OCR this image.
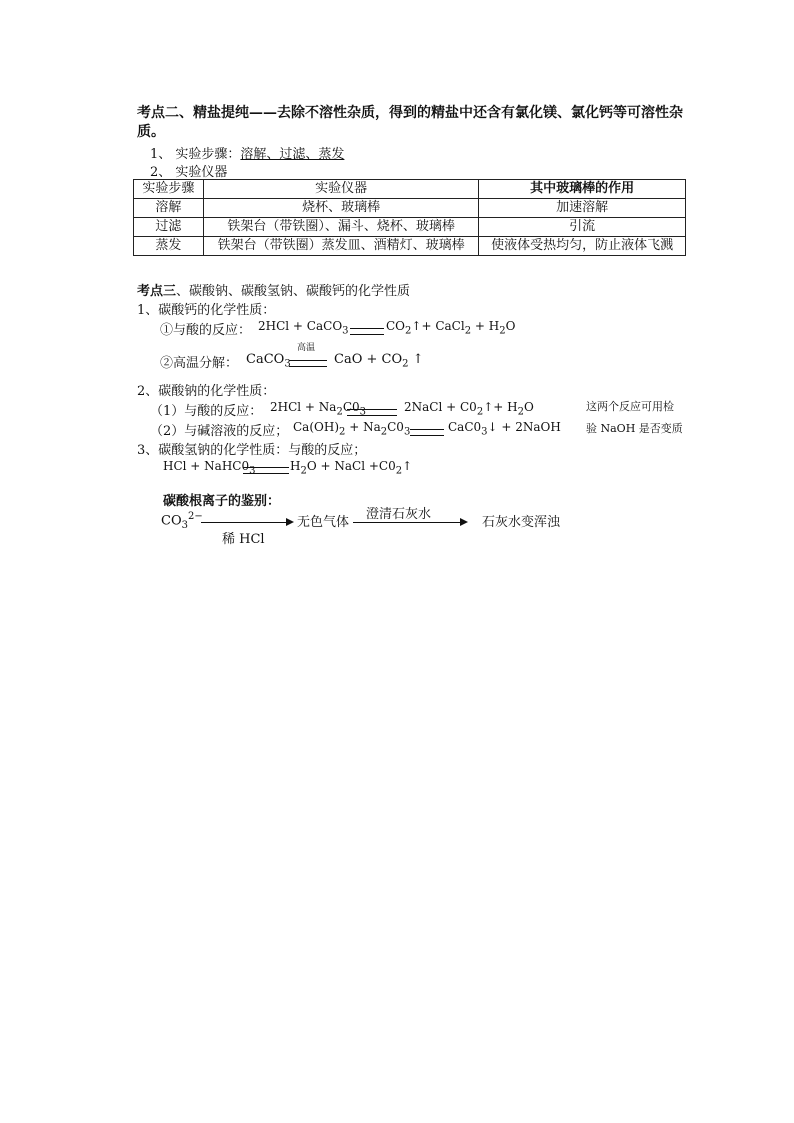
考点二、精盐提纯——去除不溶性杂质，得到的精盐中还含有氯化镁、氯化钙等可溶性杂
质。
1、 实验步骤：溶解、过滤、蒸发
2、 实验仪器
实验步骤	实验仪器	其中玻璃棒的作用
溶解	烧杯、玻璃棒	加速溶解
过滤	铁架台（带铁圈）、漏斗、烧杯、玻璃棒	引流
蒸发	铁架台（带铁圈）蒸发皿、酒精灯、玻璃棒	使液体受热均匀，防止液体飞溅
考点三、碳酸钠、碳酸氢钠、碳酸钙的化学性质
1、碳酸钙的化学性质：
①与酸的反应： 2HCl + CaCO$_3$	$CO_2↑+$ CaCl$_2$ + $H_2O$
②高温分解： CaCO$_3$
高温
CaO + $CO_2$ ↑
2、碳酸钠的化学性质：
（1）与酸的反应： $2HCl + Na_2C0_3$	2NaCl + $C0_2↑+ H_2O$
（2）与碱溶液的反应； $Ca(OH)_2 + Na_2C0_3$	$CaC0_3↓$ + 2NaOH
这两个反应可用检
验 NaOH 是否变质
3、碳酸氢钠的化学性质：与酸的反应；
HCl + $NaHC0_3$	$H_2O$ + NaCl $+C0_2↑$
碳酸根离子的鉴别：
$CO_3^{2-}$
稀 HCl
无色气体
澄清石灰水
石灰水变浑浊
